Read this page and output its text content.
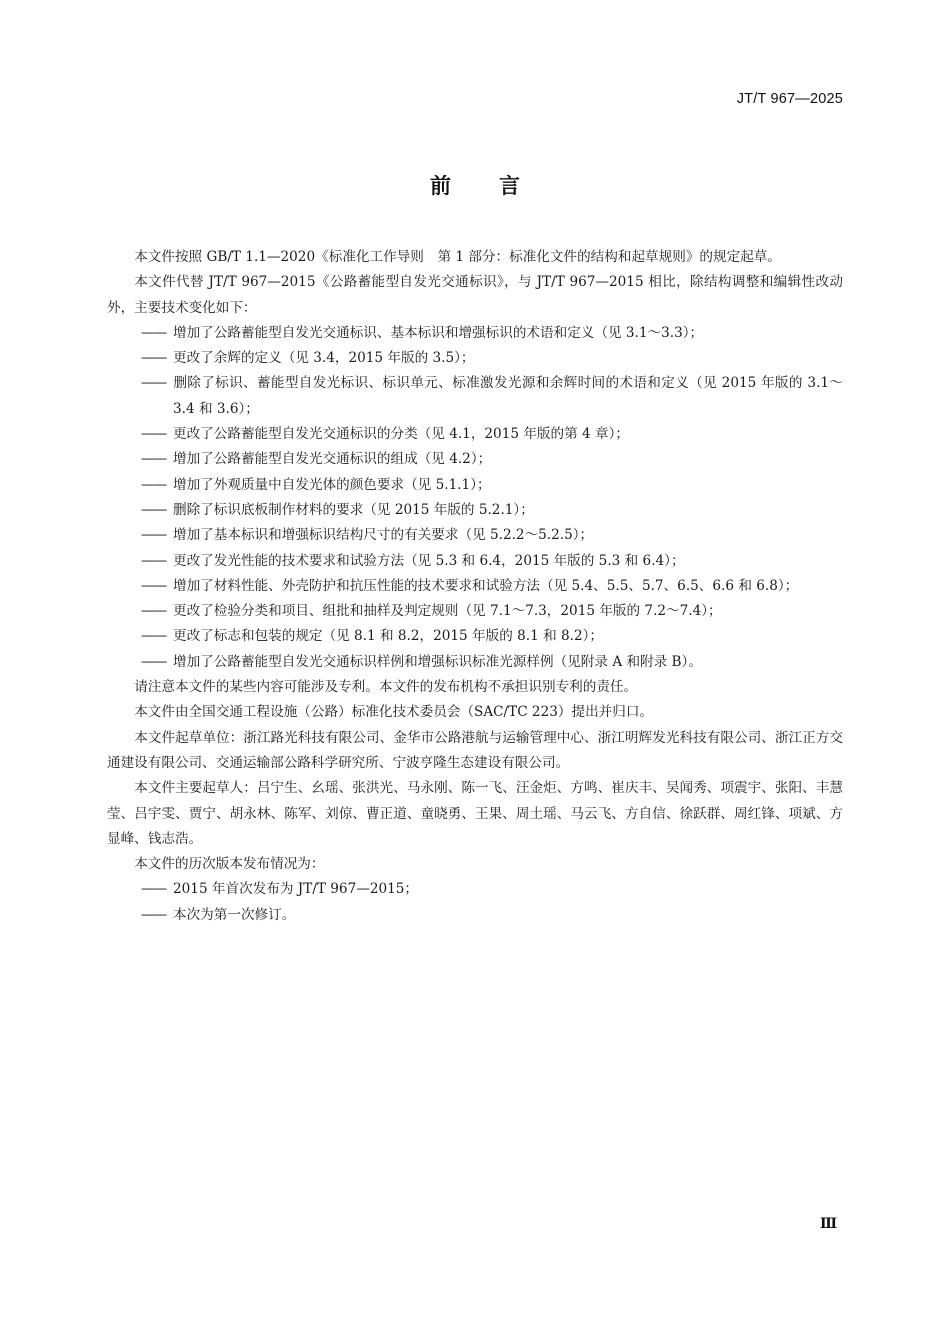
JT/T 967—2025
前言

本文件按照 GB/T 1.1—2020《标准化工作导则　第 1 部分：标准化文件的结构和起草规则》的规定起草。

本文件代替 JT/T 967—2015《公路蓄能型自发光交通标识》，与 JT/T 967—2015 相比，除结构调整和编辑性改动外，主要技术变化如下：

—— 增加了公路蓄能型自发光交通标识、基本标识和增强标识的术语和定义（见 3.1～3.3）；

—— 更改了余辉的定义（见 3.4，2015 年版的 3.5）；

—— 删除了标识、蓄能型自发光标识、标识单元、标准激发光源和余辉时间的术语和定义（见 2015 年版的 3.1～3.4 和 3.6）；

—— 更改了公路蓄能型自发光交通标识的分类（见 4.1，2015 年版的第 4 章）；

—— 增加了公路蓄能型自发光交通标识的组成（见 4.2）；

—— 增加了外观质量中自发光体的颜色要求（见 5.1.1）；

—— 删除了标识底板制作材料的要求（见 2015 年版的 5.2.1）；

—— 增加了基本标识和增强标识结构尺寸的有关要求（见 5.2.2～5.2.5）；

—— 更改了发光性能的技术要求和试验方法（见 5.3 和 6.4，2015 年版的 5.3 和 6.4）；

—— 增加了材料性能、外壳防护和抗压性能的技术要求和试验方法（见 5.4、5.5、5.7、6.5、6.6 和 6.8）；

—— 更改了检验分类和项目、组批和抽样及判定规则（见 7.1～7.3，2015 年版的 7.2～7.4）；

—— 更改了标志和包装的规定（见 8.1 和 8.2，2015 年版的 8.1 和 8.2）；

—— 增加了公路蓄能型自发光交通标识样例和增强标识标准光源样例（见附录 A 和附录 B）。

请注意本文件的某些内容可能涉及专利。本文件的发布机构不承担识别专利的责任。

本文件由全国交通工程设施（公路）标准化技术委员会（SAC/TC 223）提出并归口。

本文件起草单位：浙江路光科技有限公司、金华市公路港航与运输管理中心、浙江明辉发光科技有限公司、浙江正方交通建设有限公司、交通运输部公路科学研究所、宁波亨隆生态建设有限公司。

本文件主要起草人：吕宁生、幺瑶、张洪光、马永刚、陈一飞、汪金炬、方鸣、崔庆丰、吴闻秀、项震宇、张阳、丰慧莹、吕宇雯、贾宁、胡永林、陈军、刘倞、曹正道、童晓勇、王果、周土瑶、马云飞、方自信、徐跃群、周红锋、项斌、方显峰、钱志浩。

本文件的历次版本发布情况为：

—— 2015 年首次发布为 JT/T 967—2015；

—— 本次为第一次修订。

Ⅲ
